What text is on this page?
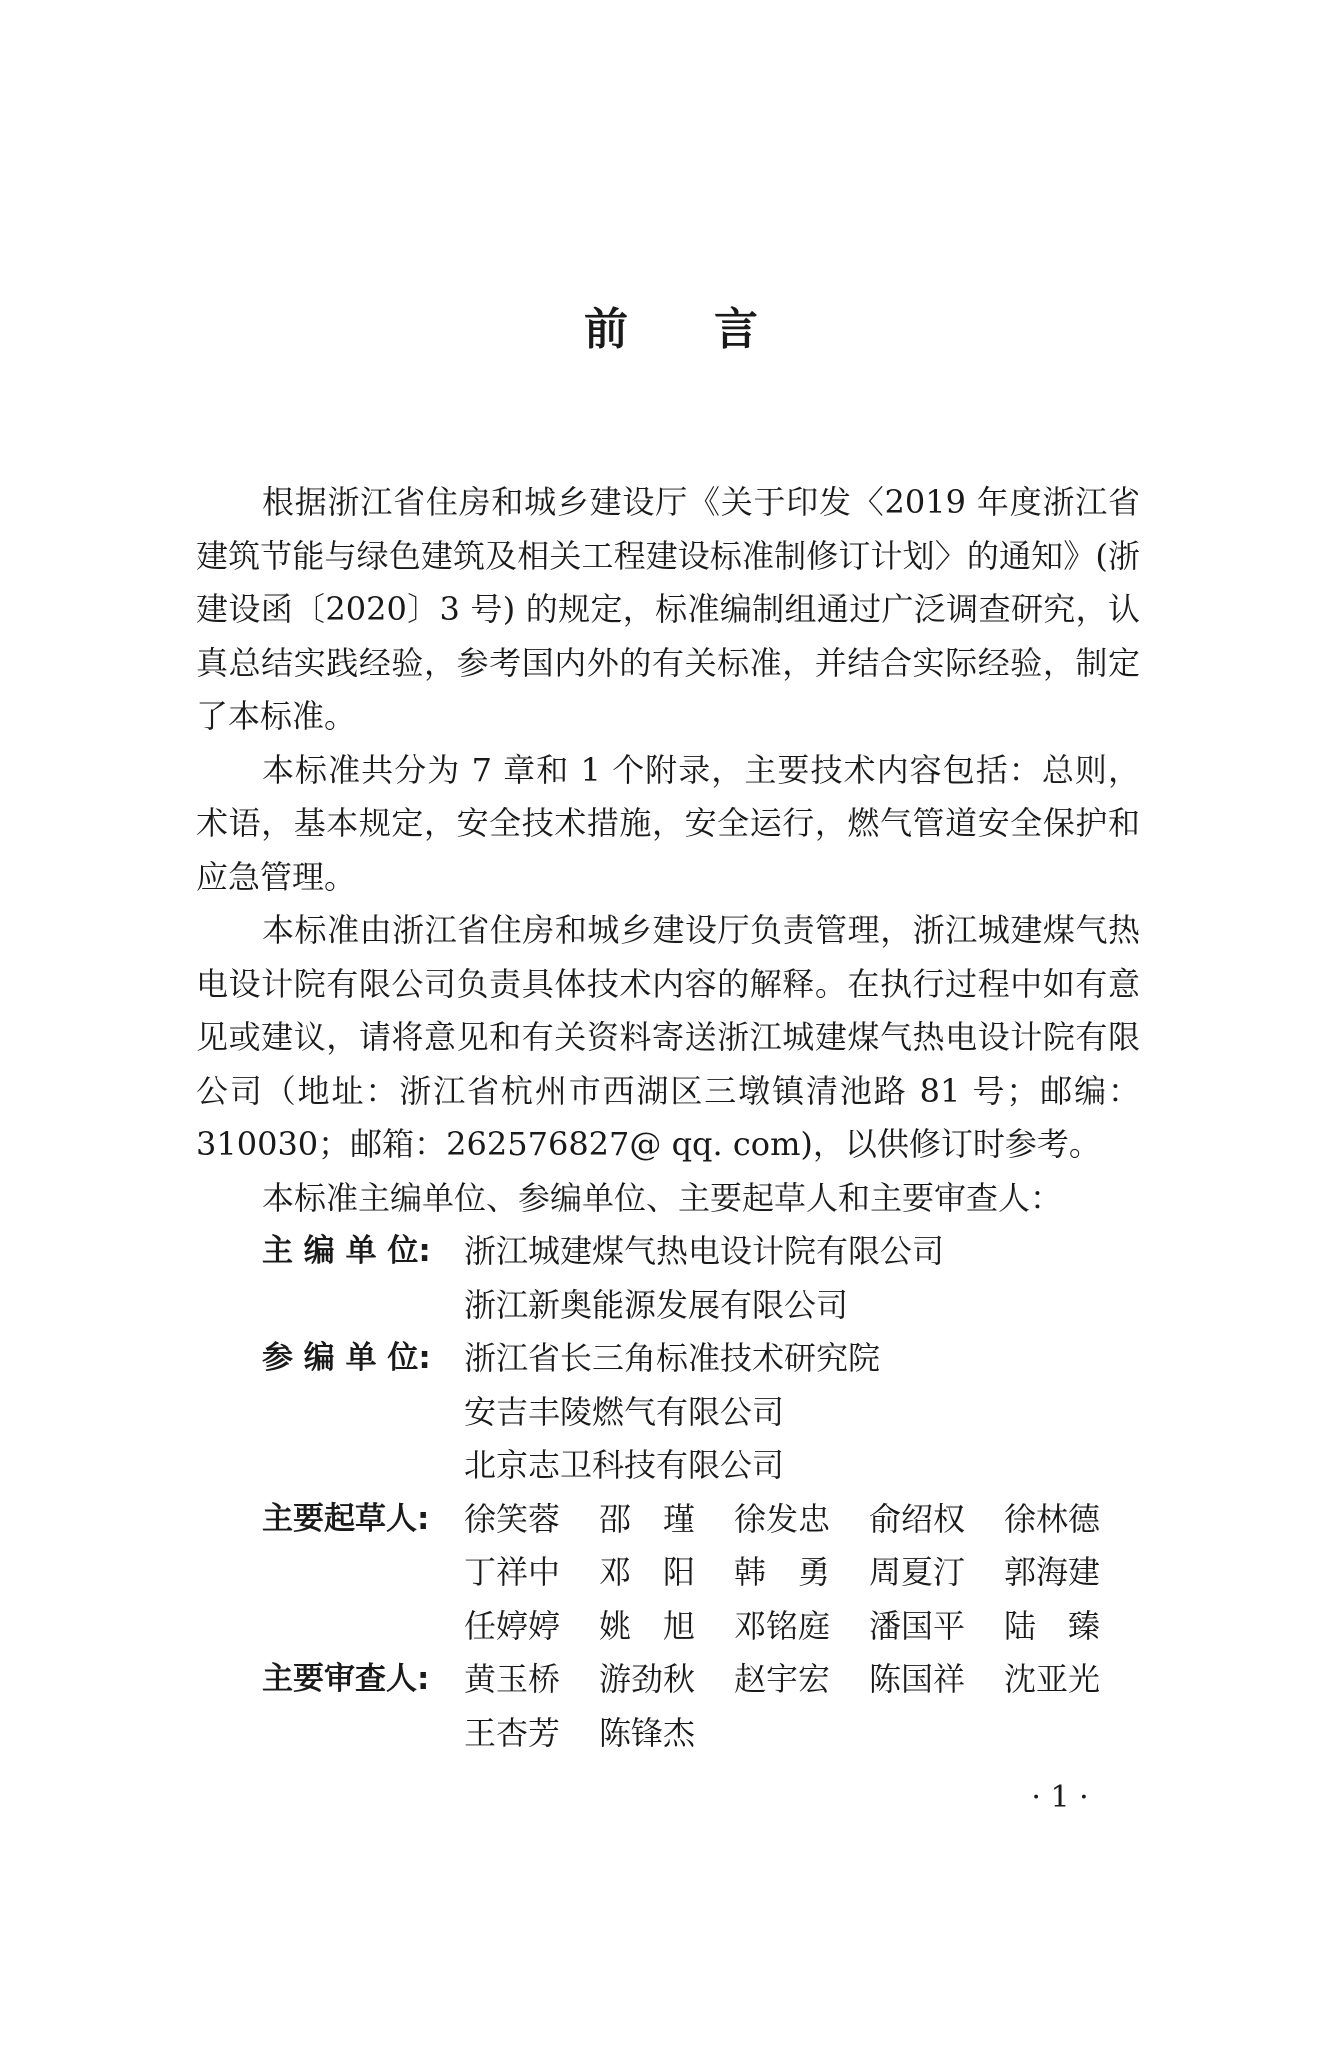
前 言

根据浙江省住房和城乡建设厅《关于印发〈2019 年度浙江省建筑节能与绿色建筑及相关工程建设标准制修订计划〉的通知》(浙建设函〔2020〕3 号) 的规定，标准编制组通过广泛调查研究，认真总结实践经验，参考国内外的有关标准，并结合实际经验，制定了本标准。

本标准共分为 7 章和 1 个附录，主要技术内容包括：总则，术语，基本规定，安全技术措施，安全运行，燃气管道安全保护和应急管理。

本标准由浙江省住房和城乡建设厅负责管理，浙江城建煤气热电设计院有限公司负责具体技术内容的解释。在执行过程中如有意见或建议，请将意见和有关资料寄送浙江城建煤气热电设计院有限公司（地址：浙江省杭州市西湖区三墩镇清池路 81 号；邮编：310030；邮箱：262576827@ qq. com)，以供修订时参考。

本标准主编单位、参编单位、主要起草人和主要审查人：

主 编 单 位:	浙江城建煤气热电设计院有限公司
浙江新奥能源发展有限公司
参 编 单 位:	浙江省长三角标准技术研究院
安吉丰陵燃气有限公司
北京志卫科技有限公司
主要起草人:	徐笑蓉	邵　瑾	徐发忠	俞绍权	徐林德
丁祥中	邓　阳	韩　勇	周夏汀	郭海建
任婷婷	姚　旭	邓铭庭	潘国平	陆　臻
主要审查人:	黄玉桥	游劲秋	赵宇宏	陈国祥	沈亚光
王杏芳	陈锋杰
· 1 ·
